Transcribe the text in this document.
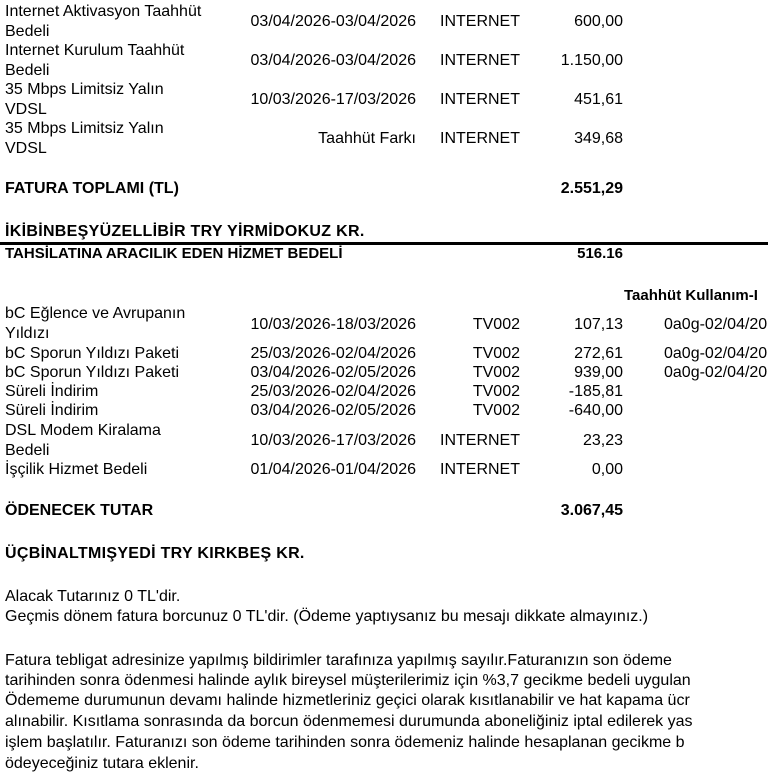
Internet Aktivasyon Taahhüt
Bedeli
03/04/2026-03/04/2026 INTERNET	600,00
Internet Kurulum Taahhüt
Bedeli
03/04/2026-03/04/2026 INTERNET	1.150,00
35 Mbps Limitsiz Yalın
VDSL
10/03/2026-17/03/2026 INTERNET	451,61
35 Mbps Limitsiz Yalın
VDSL
Taahhüt Farkı INTERNET	349,68
FATURA TOPLAMI (TL)	2.551,29
İKİBİNBEŞYÜZELLİBİR TRY YİRMİDOKUZ KR.
TAHSİLATINA ARACILIK EDEN HİZMET BEDELİ	516.16
Taahhüt Kullanım-I
bC Eğlence ve Avrupanın
Yıldızı
10/03/2026-18/03/2026	TV002	107,13	0a0g-02/04/20
bC Sporun Yıldızı Paketi	25/03/2026-02/04/2026	TV002	272,61	0a0g-02/04/20
bC Sporun Yıldızı Paketi	03/04/2026-02/05/2026	TV002	939,00	0a0g-02/04/20
Süreli İndirim	25/03/2026-02/04/2026	TV002	-185,81
Süreli İndirim	03/04/2026-02/05/2026	TV002	-640,00
DSL Modem Kiralama
Bedeli
10/03/2026-17/03/2026 INTERNET	23,23
İşçilik Hizmet Bedeli	01/04/2026-01/04/2026 INTERNET	0,00
ÖDENECEK TUTAR	3.067,45
ÜÇBİNALTMIŞYEDİ TRY KIRKBEŞ KR.
Alacak Tutarınız 0 TL'dir.
Geçmis dönem fatura borcunuz 0 TL'dir. (Ödeme yaptıysanız bu mesajı dikkate almayınız.)
Fatura tebligat adresinize yapılmış bildirimler tarafınıza yapılmış sayılır.Faturanızın son ödeme
tarihinden sonra ödenmesi halinde aylık bireysel müşterilerimiz için %3,7 gecikme bedeli uygulan
Ödememe durumunun devamı halinde hizmetleriniz geçici olarak kısıtlanabilir ve hat kapama ücr
alınabilir. Kısıtlama sonrasında da borcun ödenmemesi durumunda aboneliğiniz iptal edilerek yas
işlem başlatılır. Faturanızı son ödeme tarihinden sonra ödemeniz halinde hesaplanan gecikme b
ödeyeceğiniz tutara eklenir.
